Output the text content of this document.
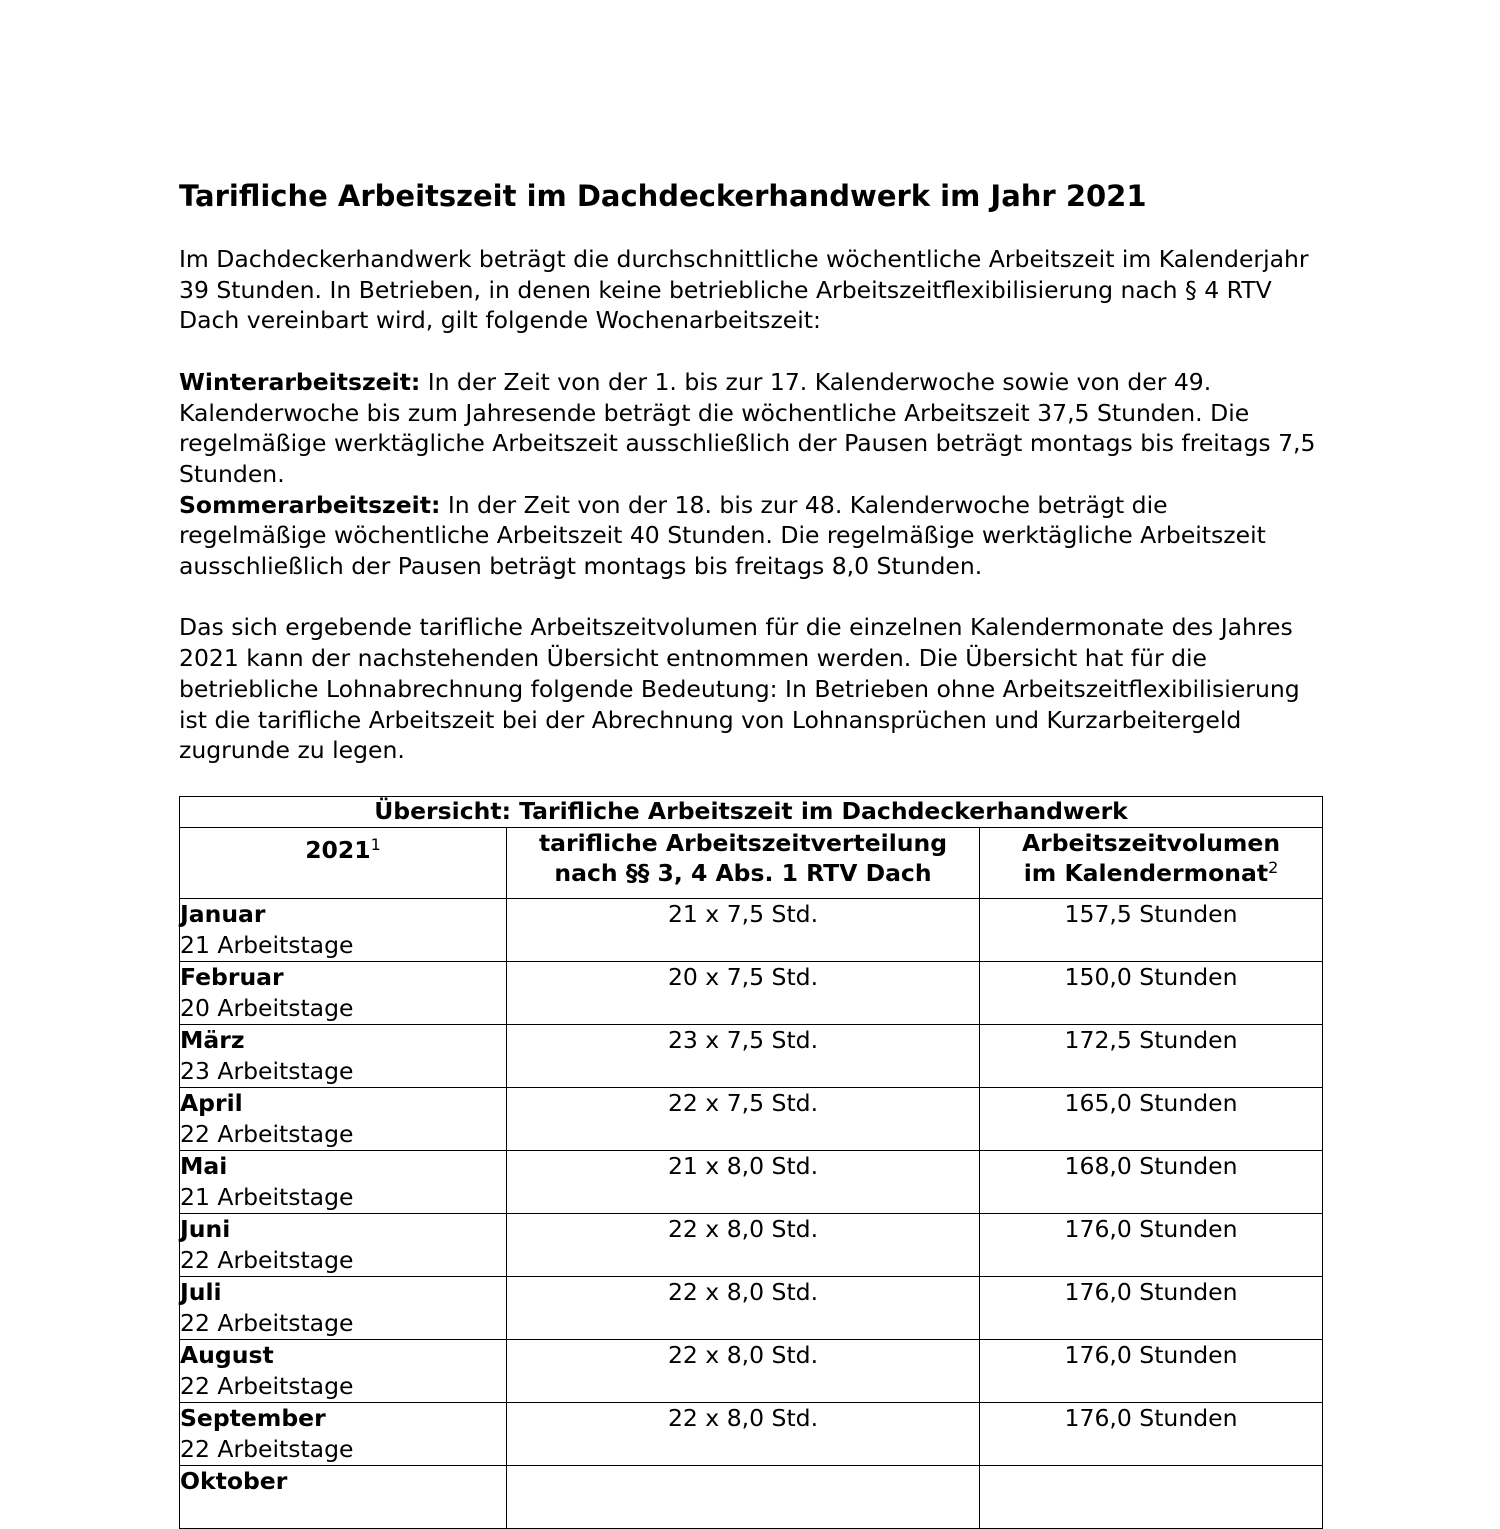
Tarifliche Arbeitszeit im Dachdeckerhandwerk im Jahr 2021

Im Dachdeckerhandwerk beträgt die durchschnittliche wöchentliche Arbeitszeit im Kalenderjahr 39 Stunden. In Betrieben, in denen keine betriebliche Arbeitszeitflexibilisierung nach § 4 RTV Dach vereinbart wird, gilt folgende Wochenarbeitszeit:

Winterarbeitszeit: In der Zeit von der 1. bis zur 17. Kalenderwoche sowie von der 49. Kalenderwoche bis zum Jahresende beträgt die wöchentliche Arbeitszeit 37,5 Stunden. Die regelmäßige werktägliche Arbeitszeit ausschließlich der Pausen beträgt montags bis freitags 7,5 Stunden.

Sommerarbeitszeit: In der Zeit von der 18. bis zur 48. Kalenderwoche beträgt die regelmäßige wöchentliche Arbeitszeit 40 Stunden. Die regelmäßige werktägliche Arbeitszeit ausschließlich der Pausen beträgt montags bis freitags 8,0 Stunden.

Das sich ergebende tarifliche Arbeitszeitvolumen für die einzelnen Kalendermonate des Jahres 2021 kann der nachstehenden Übersicht entnommen werden. Die Übersicht hat für die betriebliche Lohnabrechnung folgende Bedeutung: In Betrieben ohne Arbeitszeitflexibilisierung ist die tarifliche Arbeitszeit bei der Abrechnung von Lohnansprüchen und Kurzarbeitergeld zugrunde zu legen.

Übersicht: Tarifliche Arbeitszeit im Dachdeckerhandwerk		
2021$^1$	tarifliche Arbeitszeitverteilung
nach §§ 3, 4 Abs. 1 RTV Dach	Arbeitszeitvolumen
im Kalendermonat$^2$

Januar
21 Arbeitstage	21 x 7,5 Std.	157,5 Stunden

Februar
20 Arbeitstage	20 x 7,5 Std.	150,0 Stunden

März
23 Arbeitstage	23 x 7,5 Std.	172,5 Stunden

April
22 Arbeitstage	22 x 7,5 Std.	165,0 Stunden

Mai
21 Arbeitstage	21 x 8,0 Std.	168,0 Stunden

Juni
22 Arbeitstage	22 x 8,0 Std.	176,0 Stunden

Juli
22 Arbeitstage	22 x 8,0 Std.	176,0 Stunden

August
22 Arbeitstage	22 x 8,0 Std.	176,0 Stunden

September
22 Arbeitstage	22 x 8,0 Std.	176,0 Stunden

Oktober		
